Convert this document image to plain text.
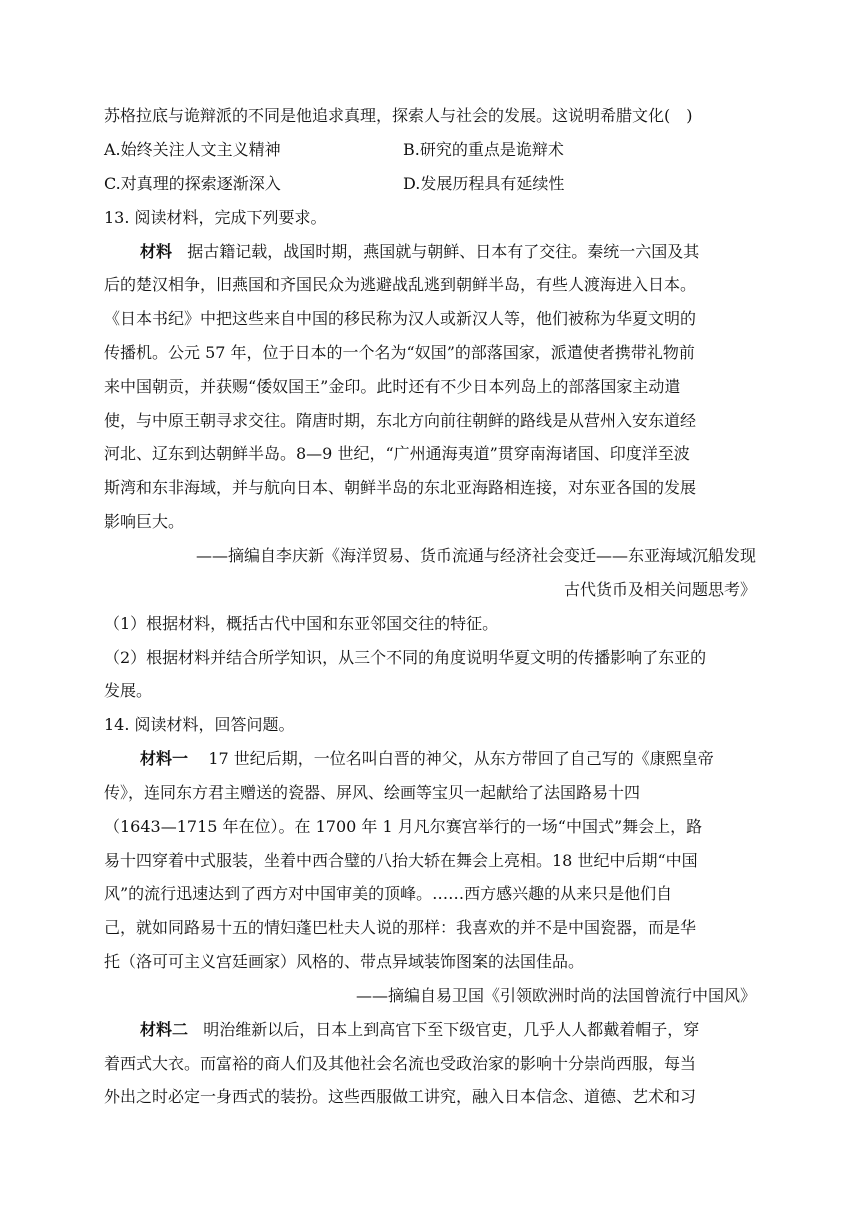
苏格拉底与诡辩派的不同是他追求真理，探索人与社会的发展。这说明希腊文化(　)
A.始终关注人文主义精神	B.研究的重点是诡辩术
C.对真理的探索逐渐深入	D.发展历程具有延续性
13. 阅读材料，完成下列要求。
材料 据古籍记载，战国时期，燕国就与朝鲜、日本有了交往。秦统一六国及其
后的楚汉相争，旧燕国和齐国民众为逃避战乱逃到朝鲜半岛，有些人渡海进入日本。
《日本书纪》中把这些来自中国的移民称为汉人或新汉人等，他们被称为华夏文明的
传播机。公元 57 年，位于日本的一个名为“奴国”的部落国家，派遣使者携带礼物前
来中国朝贡，并获赐“倭奴国王”金印。此时还有不少日本列岛上的部落国家主动遣
使，与中原王朝寻求交往。隋唐时期，东北方向前往朝鲜的路线是从营州入安东道经
河北、辽东到达朝鲜半岛。8—9 世纪，“广州通海夷道”贯穿南海诸国、印度洋至波
斯湾和东非海域，并与航向日本、朝鲜半岛的东北亚海路相连接，对东亚各国的发展
影响巨大。
——摘编自李庆新《海洋贸易、货币流通与经济社会变迁——东亚海域沉船发现
古代货币及相关问题思考》
（1）根据材料，概括古代中国和东亚邻国交往的特征。
（2）根据材料并结合所学知识，从三个不同的角度说明华夏文明的传播影响了东亚的
发展。
14. 阅读材料，回答问题。
材料一 17 世纪后期，一位名叫白晋的神父，从东方带回了自己写的《康熙皇帝
传》，连同东方君主赠送的瓷器、屏风、绘画等宝贝一起献给了法国路易十四
（1643—1715 年在位）。在 1700 年 1 月凡尔赛宫举行的一场“中国式”舞会上，路
易十四穿着中式服装，坐着中西合璧的八抬大轿在舞会上亮相。18 世纪中后期“中国
风”的流行迅速达到了西方对中国审美的顶峰。……西方感兴趣的从来只是他们自
己，就如同路易十五的情妇蓬巴杜夫人说的那样：我喜欢的并不是中国瓷器，而是华
托（洛可可主义宫廷画家）风格的、带点异域装饰图案的法国佳品。
——摘编自易卫国《引领欧洲时尚的法国曾流行中国风》
材料二 明治维新以后，日本上到高官下至下级官吏，几乎人人都戴着帽子，穿
着西式大衣。而富裕的商人们及其他社会名流也受政治家的影响十分崇尚西服，每当
外出之时必定一身西式的装扮。这些西服做工讲究，融入日本信念、道德、艺术和习
